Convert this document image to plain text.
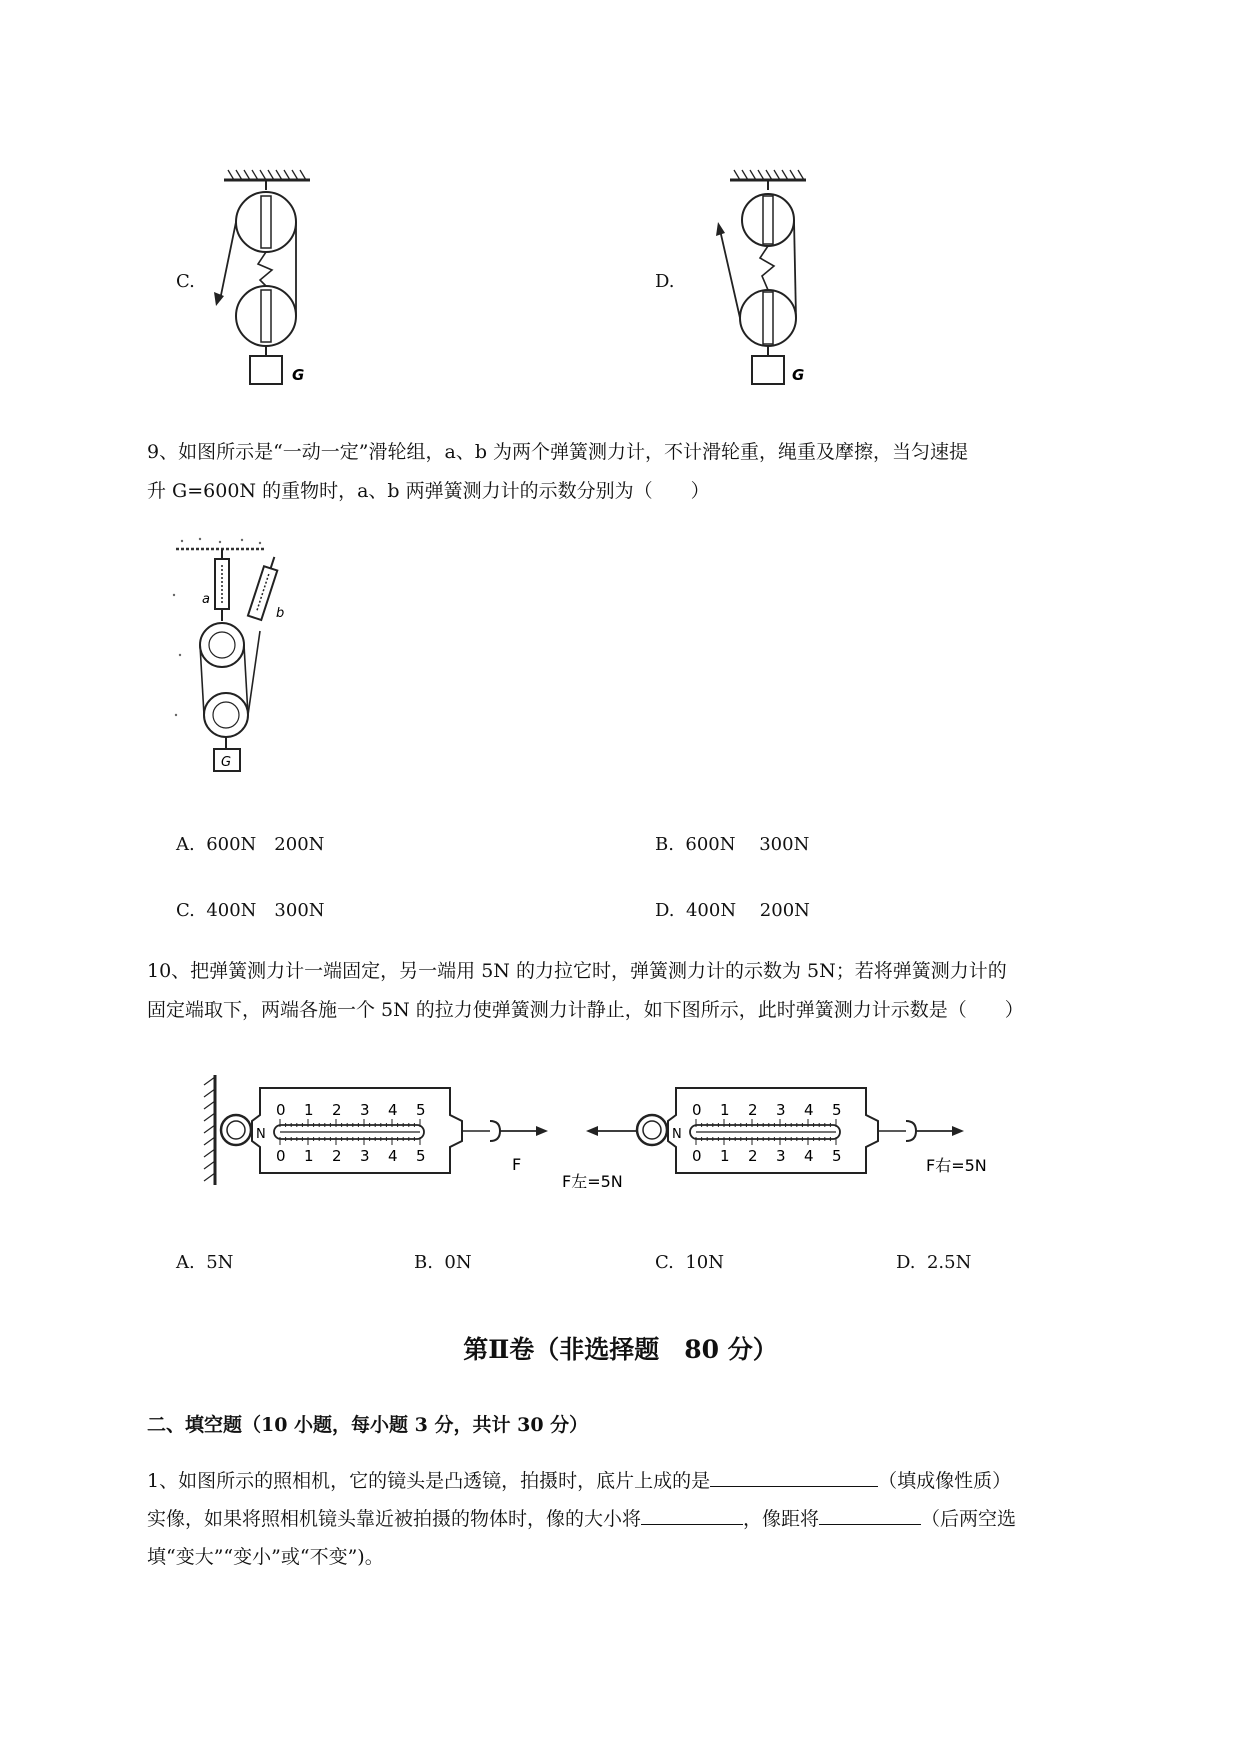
C.
G
D.
G
9、如图所示是“一动一定”滑轮组，a、b 为两个弹簧测力计，不计滑轮重，绳重及摩擦，当匀速提
升 G=600N 的重物时，a、b 两弹簧测力计的示数分别为（　　）
a
b
G
A. 600N　200N	B. 600N　 300N
C. 400N　300N	D. 400N　 200N
10、把弹簧测力计一端固定，另一端用 5N 的力拉它时，弹簧测力计的示数为 5N；若将弹簧测力计的
固定端取下，两端各施一个 5N 的拉力使弹簧测力计静止，如下图所示，此时弹簧测力计示数是（　　）
N
0 1 2 3 4 5
0 1 2 3 4 5	F
F左=5N
N
0 1 2 3 4 5
0 1 2 3 4 5	F右=5N
A. 5N	B. 0N	C. 10N	D. 2.5N
第Ⅱ卷（非选择题　80 分）
二、填空题（10 小题，每小题 3 分，共计 30 分）
1、如图所示的照相机，它的镜头是凸透镜，拍摄时，底片上成的是	（填成像性质）
实像，如果将照相机镜头靠近被拍摄的物体时，像的大小将	，像距将	（后两空选
填“变大”“变小”或“不变”)。
